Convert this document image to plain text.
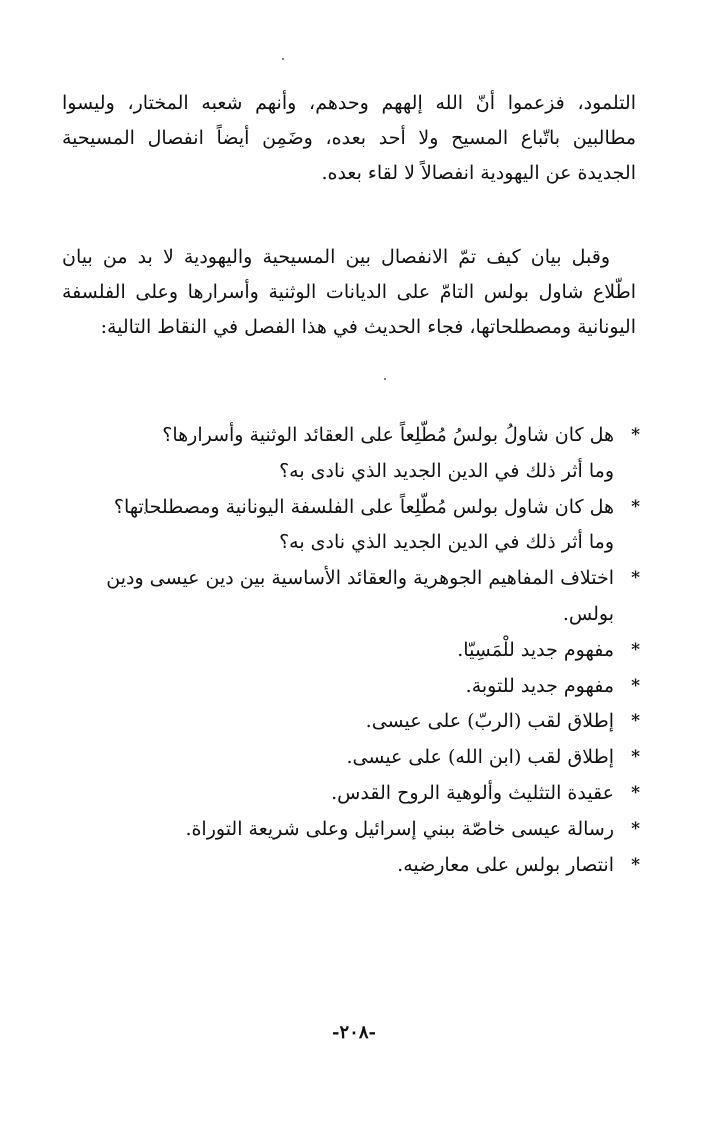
التلمود، فزعموا أنّ الله إلههم وحدهم، وأنهم شعبه المختار، وليسوا مطالبين باتّباع المسيح ولا أحد بعده، وضَمِن أيضاً انفصال المسيحية الجديدة عن اليهودية انفصالاً لا لقاء بعده.

وقبل بيان كيف تمّ الانفصال بين المسيحية واليهودية لا بد من بيان اطّلاع شاول بولس التامّ على الديانات الوثنية وأسرارها وعلى الفلسفة اليونانية ومصطلحاتها، فجاء الحديث في هذا الفصل في النقاط التالية:

*
هل كان شاولُ بولسُ مُطّلِعاً على العقائد الوثنية وأسرارها؟
وما أثر ذلك في الدين الجديد الذي نادى به؟
*
هل كان شاول بولس مُطّلِعاً على الفلسفة اليونانية ومصطلحاتها؟
وما أثر ذلك في الدين الجديد الذي نادى به؟
*
اختلاف المفاهيم الجوهرية والعقائد الأساسية بين دين عيسى ودين بولس.
*
مفهوم جديد للْمَسِيّا.
*
مفهوم جديد للتوبة.
*
إطلاق لقب (الربّ) على عيسى.
*
إطلاق لقب (ابن الله) على عيسى.
*
عقيدة التثليث وألوهية الروح القدس.
*
رسالة عيسى خاصّة ببني إسرائيل وعلى شريعة التوراة.
*
انتصار بولس على معارضيه.
-٢٠٨-
